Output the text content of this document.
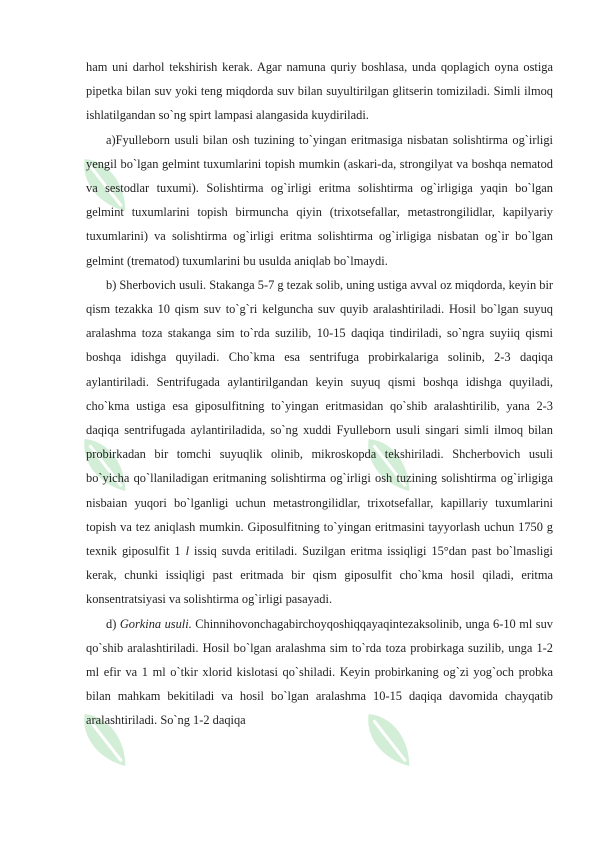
ham uni darhol tekshirish kerak. Agar namuna quriy boshlasa, unda qoplagich oyna ostiga pipetka bilan suv yoki teng miqdorda suv bilan suyultirilgan glitserin tomiziladi. Simli ilmoq ishlatilgandan so`ng spirt lampasi alangasida kuydiriladi.

a)Fyulleborn usuli bilan osh tuzining to`yingan eritmasiga nisbatan solishtirma og`irligi yengil bo`lgan gelmint tuxumlarini topish mumkin (askari-da, strongilyat va boshqa nematod va sestodlar tuxumi). Solishtirma og`irligi eritma solishtirma og`irligiga yaqin bo`lgan gelmint tuxumlarini topish birmuncha qiyin (trixotsefallar, metastrongilidlar, kapilyariy tuxumlarini) va solishtirma og`irligi eritma solishtirma og`irligiga nisbatan og`ir bo`lgan gelmint (trematod) tuxumlarini bu usulda aniqlab bo`lmaydi.

b) Sherbovich usuli. Stakanga 5-7 g tezak solib, uning ustiga avval oz miqdorda, keyin bir qism tezakka 10 qism suv to`g`ri kelguncha suv quyib aralashtiriladi. Hosil bo`lgan suyuq aralashma toza stakanga sim to`rda suzilib, 10-15 daqiqa tindiriladi, so`ngra suyiiq qismi boshqa idishga quyiladi. Cho`kma esa sentrifuga probirkalariga solinib, 2-3 daqiqa aylantiriladi. Sentrifugada aylantirilgandan keyin suyuq qismi boshqa idishga quyiladi, cho`kma ustiga esa giposulfitning to`yingan eritmasidan qo`shib aralashtirilib, yana 2-3 daqiqa sentrifugada aylantiriladida, so`ng xuddi Fyulleborn usuli singari simli ilmoq bilan probirkadan bir tomchi suyuqlik olinib, mikroskopda tekshiriladi. Shcherbovich usuli bo`yicha qo`llaniladigan eritmaning solishtirma og`irligi osh tuzining solishtirma og`irligiga nisbaian yuqori bo`lganligi uchun metastrongilidlar, trixotsefallar, kapillariy tuxumlarini topish va tez aniqlash mumkin. Giposulfitning to`yingan eritmasini tayyorlash uchun 1750 g texnik giposulfit 1 l issiq suvda eritiladi. Suzilgan eritma issiqligi 15°dan past bo`lmasligi kerak, chunki issiqligi past eritmada bir qism giposulfit cho`kma hosil qiladi, eritma konsentratsiyasi va solishtirma og`irligi pasayadi.

d) Gorkina usuli. Chinnihovonchagabirchoyqoshiqqayaqintezaksolinib, unga 6-10 ml suv qo`shib aralashtiriladi. Hosil bo`lgan aralashma sim to`rda toza probirkaga suzilib, unga 1-2 ml efir va 1 ml o`tkir xlorid kislotasi qo`shiladi. Keyin probirkaning og`zi yog`och probka bilan mahkam bekitiladi va hosil bo`lgan aralashma 10-15 daqiqa davomida chayqatib aralashtiriladi. So`ng 1-2 daqiqa
